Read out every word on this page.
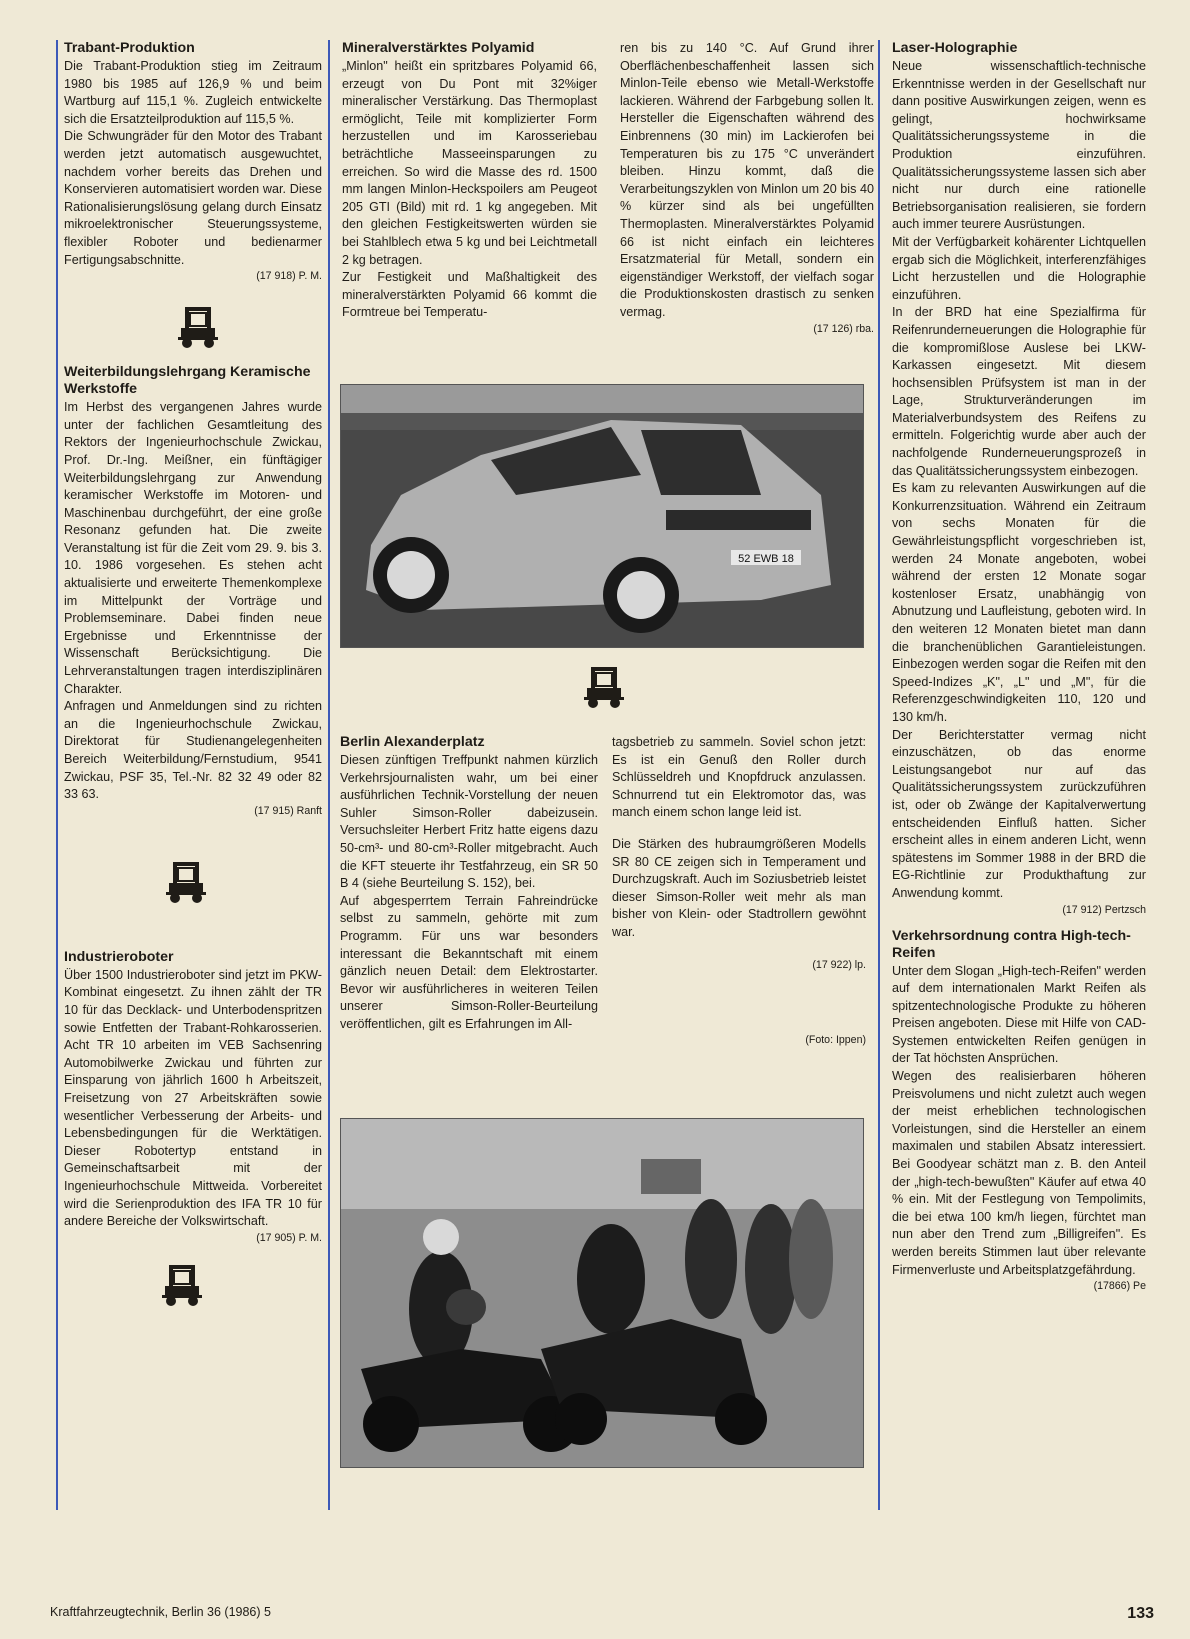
Trabant-Produktion

Die Trabant-Produktion stieg im Zeitraum 1980 bis 1985 auf 126,9 % und beim Wartburg auf 115,1 %. Zugleich entwickelte sich die Ersatzteilproduktion auf 115,5 %.
Die Schwungräder für den Motor des Trabant werden jetzt automatisch ausgewuchtet, nachdem vorher bereits das Drehen und Konservieren automatisiert worden war. Diese Rationalisierungslösung gelang durch Einsatz mikroelektronischer Steuerungssysteme, flexibler Roboter und bedienarmer Fertigungsabschnitte.

(17 918) P. M.

Weiterbildungslehrgang Keramische Werkstoffe

Im Herbst des vergangenen Jahres wurde unter der fachlichen Gesamtleitung des Rektors der Ingenieurhochschule Zwickau, Prof. Dr.-Ing. Meißner, ein fünftägiger Weiterbildungslehrgang zur Anwendung keramischer Werkstoffe im Motoren- und Maschinenbau durchgeführt, der eine große Resonanz gefunden hat. Die zweite Veranstaltung ist für die Zeit vom 29. 9. bis 3. 10. 1986 vorgesehen. Es stehen acht aktualisierte und erweiterte Themenkomplexe im Mittelpunkt der Vorträge und Problemseminare. Dabei finden neue Ergebnisse und Erkenntnisse der Wissenschaft Berücksichtigung. Die Lehrveranstaltungen tragen interdisziplinären Charakter.
Anfragen und Anmeldungen sind zu richten an die Ingenieurhochschule Zwickau, Direktorat für Studienangelegenheiten Bereich Weiterbildung/Fernstudium, 9541 Zwickau, PSF 35, Tel.-Nr. 82 32 49 oder 82 33 63.

(17 915) Ranft

Industrieroboter

Über 1500 Industrieroboter sind jetzt im PKW-Kombinat eingesetzt. Zu ihnen zählt der TR 10 für das Decklack- und Unterbodenspritzen sowie Entfetten der Trabant-Rohkarosserien. Acht TR 10 arbeiten im VEB Sachsenring Automobilwerke Zwickau und führten zur Einsparung von jährlich 1600 h Arbeitszeit, Freisetzung von 27 Arbeitskräften sowie wesentlicher Verbesserung der Arbeits- und Lebensbedingungen für die Werktätigen. Dieser Robotertyp entstand in Gemeinschaftsarbeit mit der Ingenieurhochschule Mittweida. Vorbereitet wird die Serienproduktion des IFA TR 10 für andere Bereiche der Volkswirtschaft.

(17 905) P. M.

Mineralverstärktes Polyamid

„Minlon" heißt ein spritzbares Polyamid 66, erzeugt von Du Pont mit 32%iger mineralischer Verstärkung. Das Thermoplast ermöglicht, Teile mit komplizierter Form herzustellen und im Karosseriebau beträchtliche Masseeinsparungen zu erreichen. So wird die Masse des rd. 1500 mm langen Minlon-Heckspoilers am Peugeot 205 GTI (Bild) mit rd. 1 kg angegeben. Mit den gleichen Festigkeitswerten würden sie bei Stahlblech etwa 5 kg und bei Leichtmetall 2 kg betragen.
Zur Festigkeit und Maßhaltigkeit des mineralverstärkten Polyamid 66 kommt die Formtreue bei Temperatu-

ren bis zu 140 °C. Auf Grund ihrer Oberflächenbeschaffenheit lassen sich Minlon-Teile ebenso wie Metall-Werkstoffe lackieren. Während der Farbgebung sollen lt. Hersteller die Eigenschaften während des Einbrennens (30 min) im Lackierofen bei Temperaturen bis zu 175 °C unverändert bleiben. Hinzu kommt, daß die Verarbeitungszyklen von Minlon um 20 bis 40 % kürzer sind als bei ungefüllten Thermoplasten. Mineralverstärktes Polyamid 66 ist nicht einfach ein leichteres Ersatzmaterial für Metall, sondern ein eigenständiger Werkstoff, der vielfach sogar die Produktionskosten drastisch zu senken vermag.

(17 126) rba.

52 EWB 18
Berlin Alexanderplatz

Diesen zünftigen Treffpunkt nahmen kürzlich Verkehrsjournalisten wahr, um bei einer ausführlichen Technik-Vorstellung der neuen Suhler Simson-Roller dabeizusein. Versuchsleiter Herbert Fritz hatte eigens dazu 50-cm³- und 80-cm³-Roller mitgebracht. Auch die KFT steuerte ihr Testfahrzeug, ein SR 50 B 4 (siehe Beurteilung S. 152), bei.
Auf abgesperrtem Terrain Fahreindrücke selbst zu sammeln, gehörte mit zum Programm. Für uns war besonders interessant die Bekanntschaft mit einem gänzlich neuen Detail: dem Elektrostarter. Bevor wir ausführlicheres in weiteren Teilen unserer Simson-Roller-Beurteilung veröffentlichen, gilt es Erfahrungen im All-

tagsbetrieb zu sammeln. Soviel schon jetzt: Es ist ein Genuß den Roller durch Schlüsseldreh und Knopfdruck anzulassen. Schnurrend tut ein Elektromotor das, was manch einem schon lange leid ist.

Die Stärken des hubraumgrößeren Modells SR 80 CE zeigen sich in Temperament und Durchzugskraft. Auch im Soziusbetrieb leistet dieser Simson-Roller weit mehr als man bisher von Klein- oder Stadtrollern gewöhnt war.

(17 922) lp.

(Foto: Ippen)

Laser-Holographie

Neue wissenschaftlich-technische Erkenntnisse werden in der Gesellschaft nur dann positive Auswirkungen zeigen, wenn es gelingt, hochwirksame Qualitätssicherungssysteme in die Produktion einzuführen. Qualitätssicherungssysteme lassen sich aber nicht nur durch eine rationelle Betriebsorganisation realisieren, sie fordern auch immer teurere Ausrüstungen.
Mit der Verfügbarkeit kohärenter Lichtquellen ergab sich die Möglichkeit, interferenzfähiges Licht herzustellen und die Holographie einzuführen.
In der BRD hat eine Spezialfirma für Reifenrunderneuerungen die Holographie für die kompromißlose Auslese bei LKW-Karkassen eingesetzt. Mit diesem hochsensiblen Prüfsystem ist man in der Lage, Strukturveränderungen im Materialverbundsystem des Reifens zu ermitteln. Folgerichtig wurde aber auch der nachfolgende Runderneuerungsprozeß in das Qualitätssicherungssystem einbezogen.
Es kam zu relevanten Auswirkungen auf die Konkurrenzsituation. Während ein Zeitraum von sechs Monaten für die Gewährleistungspflicht vorgeschrieben ist, werden 24 Monate angeboten, wobei während der ersten 12 Monate sogar kostenloser Ersatz, unabhängig von Abnutzung und Laufleistung, geboten wird. In den weiteren 12 Monaten bietet man dann die branchenüblichen Garantieleistungen. Einbezogen werden sogar die Reifen mit den Speed-Indizes „K", „L" und „M", für die Referenzgeschwindigkeiten 110, 120 und 130 km/h.
Der Berichterstatter vermag nicht einzuschätzen, ob das enorme Leistungsangebot nur auf das Qualitätssicherungssystem zurückzuführen ist, oder ob Zwänge der Kapitalverwertung entscheidenden Einfluß hatten. Sicher erscheint alles in einem anderen Licht, wenn spätestens im Sommer 1988 in der BRD die EG-Richtlinie zur Produkthaftung zur Anwendung kommt.

(17 912) Pertzsch

Verkehrsordnung contra High-tech-Reifen

Unter dem Slogan „High-tech-Reifen" werden auf dem internationalen Markt Reifen als spitzentechnologische Produkte zu höheren Preisen angeboten. Diese mit Hilfe von CAD-Systemen entwickelten Reifen genügen in der Tat höchsten Ansprüchen.
Wegen des realisierbaren höheren Preisvolumens und nicht zuletzt auch wegen der meist erheblichen technologischen Vorleistungen, sind die Hersteller an einem maximalen und stabilen Absatz interessiert. Bei Goodyear schätzt man z. B. den Anteil der „high-tech-bewußten" Käufer auf etwa 40 % ein. Mit der Festlegung von Tempolimits, die bei etwa 100 km/h liegen, fürchtet man nun aber den Trend zum „Billigreifen". Es werden bereits Stimmen laut über relevante Firmenverluste und Arbeitsplatzgefährdung.

(17866) Pe

Kraftfahrzeugtechnik, Berlin 36 (1986) 5	133
